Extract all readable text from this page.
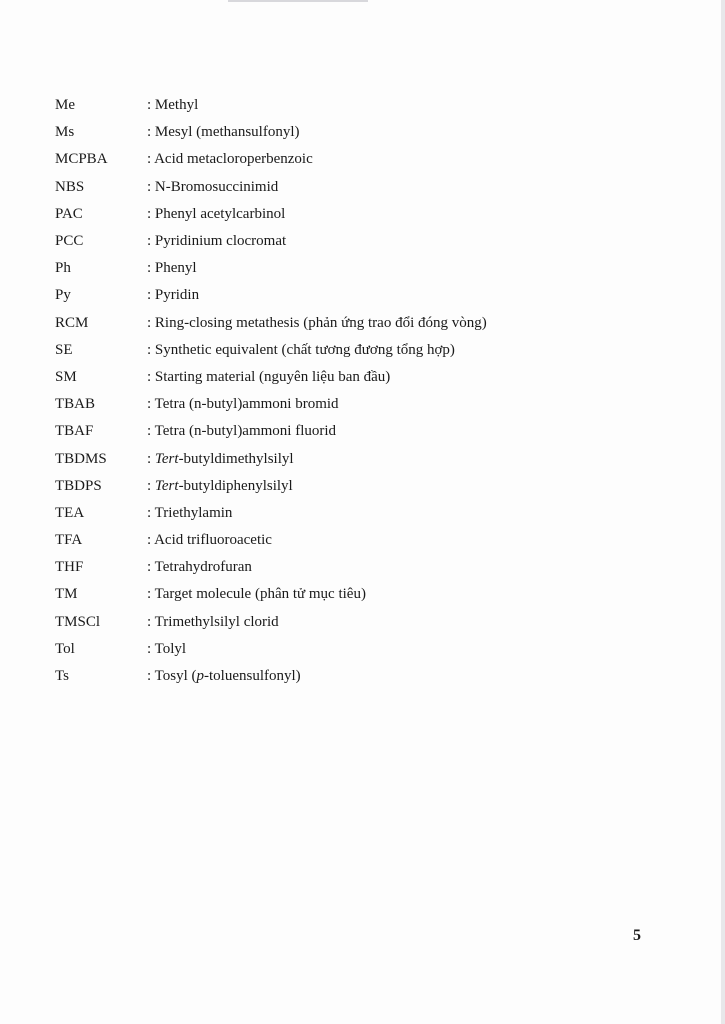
Me	: Methyl
Ms	: Mesyl (methansulfonyl)
MCPBA	: Acid metacloroperbenzoic
NBS	: N-Bromosuccinimid
PAC	: Phenyl acetylcarbinol
PCC	: Pyridinium clocromat
Ph	: Phenyl
Py	: Pyridin
RCM	: Ring-closing metathesis (phản ứng trao đổi đóng vòng)
SE	: Synthetic equivalent (chất tương đương tổng hợp)
SM	: Starting material (nguyên liệu ban đầu)
TBAB	: Tetra (n-butyl)ammoni bromid
TBAF	: Tetra (n-butyl)ammoni fluorid
TBDMS	: Tert-butyldimethylsilyl
TBDPS	: Tert-butyldiphenylsilyl
TEA	: Triethylamin
TFA	: Acid trifluoroacetic
THF	: Tetrahydrofuran
TM	: Target molecule (phân tử mục tiêu)
TMSCl	: Trimethylsilyl clorid
Tol	: Tolyl
Ts	: Tosyl (p-toluensulfonyl)
5
